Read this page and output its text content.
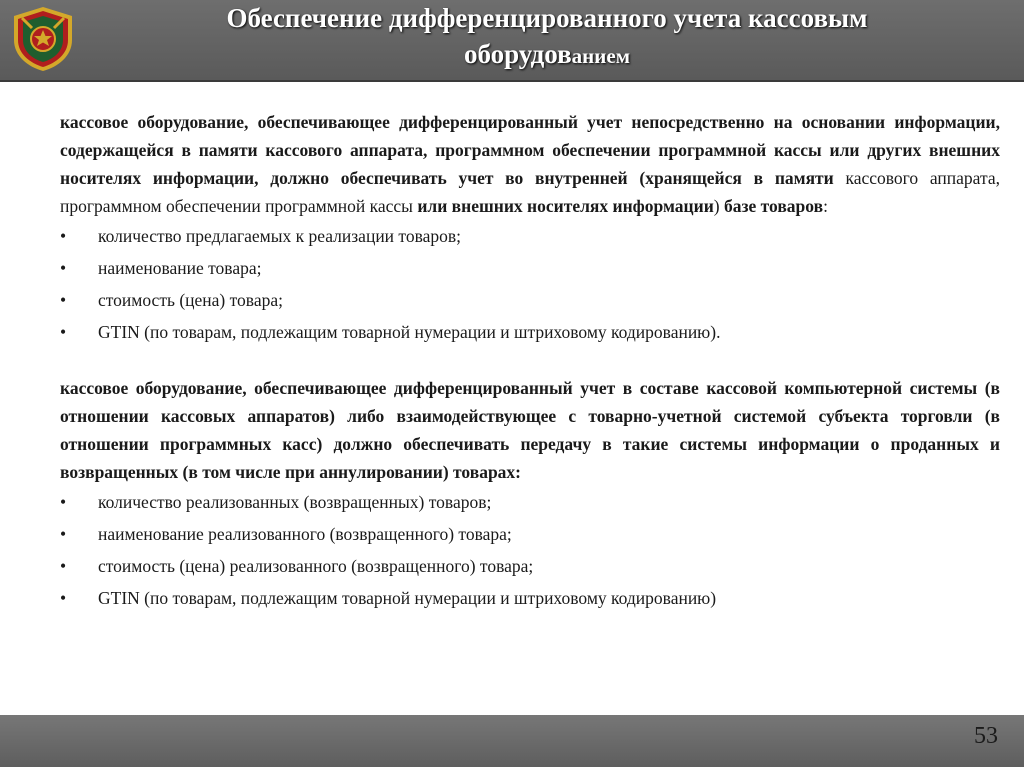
Обеспечение дифференцированного учета кассовым
оборудованием

кассовое оборудование, обеспечивающее дифференцированный учет непосредственно на основании информации, содержащейся в памяти кассового аппарата, программном обеспечении программной кассы или других внешних носителях информации, должно обеспечивать учет во внутренней (хранящейся в памяти кассового аппарата, программном обеспечении программной кассы или внешних носителях информации) базе товаров:

• количество предлагаемых к реализации товаров;
• наименование товара;
• стоимость (цена) товара;
• GTIN (по товарам, подлежащим товарной нумерации и штриховому кодированию).

кассовое оборудование, обеспечивающее дифференцированный учет в составе кассовой компьютерной системы (в отношении кассовых аппаратов) либо взаимодействующее с товарно-учетной системой субъекта торговли (в отношении программных касс) должно обеспечивать передачу в такие системы информации о проданных и возвращенных (в том числе при аннулировании) товарах:

• количество реализованных (возвращенных) товаров;
• наименование реализованного (возвращенного) товара;
• стоимость (цена) реализованного (возвращенного) товара;
• GTIN (по товарам, подлежащим товарной нумерации и штриховому кодированию)
53
